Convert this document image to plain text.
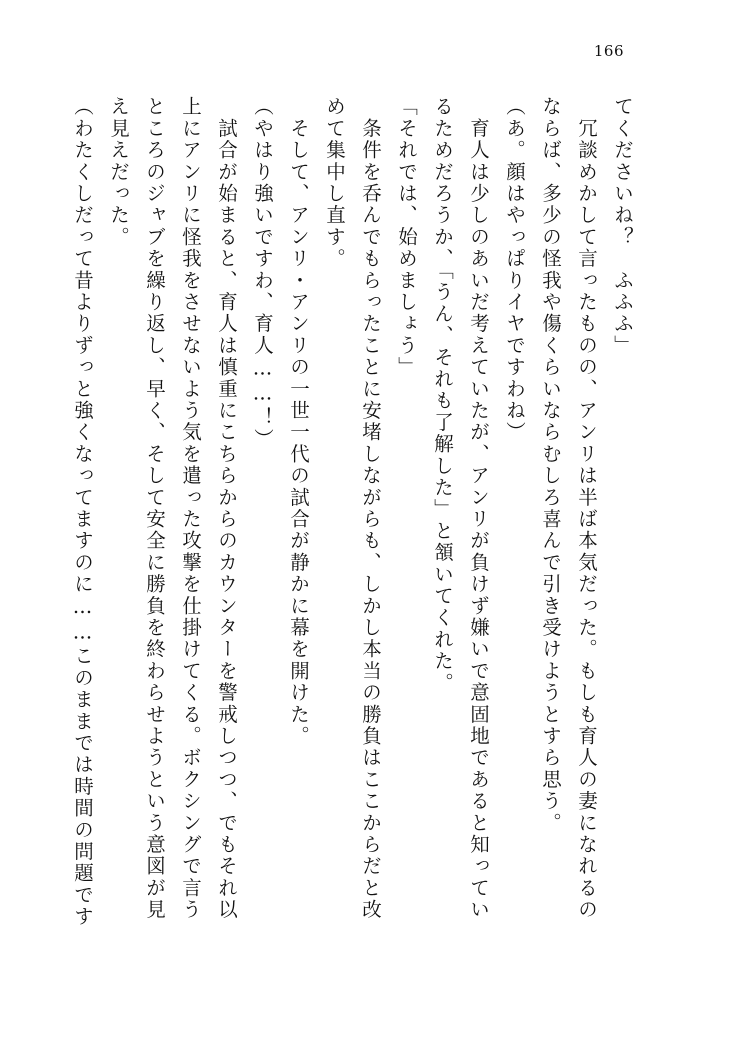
166
てくださいね？　ふふふ」
　冗談めかして言ったものの、アンリは半ば本気だった。もしも育人の妻になれるの
ならば、多少の怪我や傷くらいならむしろ喜んで引き受けようとすら思う。
（あ。顔はやっぱりイヤですわね）
　育人は少しのあいだ考えていたが、アンリが負けず嫌いで意固地であると知ってい
るためだろうか、「うん、それも了解した」と頷いてくれた。
「それでは、始めましょう」
　条件を呑んでもらったことに安堵しながらも、しかし本当の勝負はここからだと改
めて集中し直す。
　そして、アンリ・アンリの一世一代の試合が静かに幕を開けた。
（やはり強いですわ、育人……！）
　試合が始まると、育人は慎重にこちらからのカウンターを警戒しつつ、でもそれ以
上にアンリに怪我をさせないよう気を遣った攻撃を仕掛けてくる。ボクシングで言う
ところのジャブを繰り返し、早く、そして安全に勝負を終わらせようという意図が見
え見えだった。
（わたくしだって昔よりずっと強くなってますのに……このままでは時間の問題です
